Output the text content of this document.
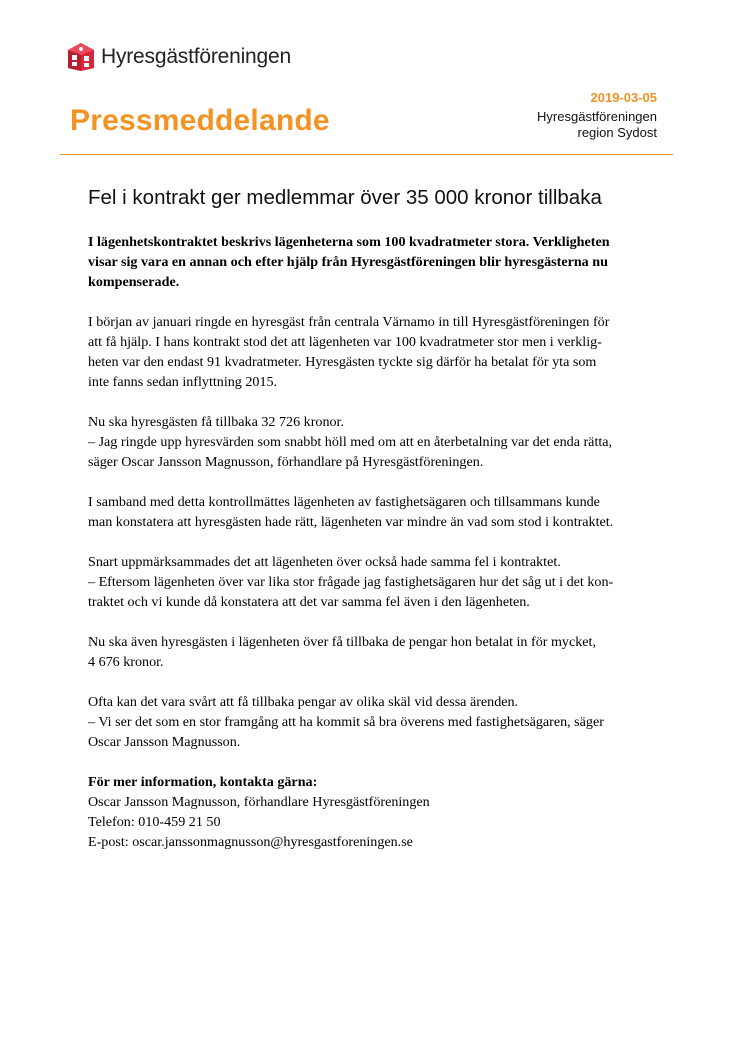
Hyresgästföreningen
Pressmeddelande
2019-03-05
Hyresgästföreningen
region Sydost
Fel i kontrakt ger medlemmar över 35 000 kronor tillbaka

I lägenhetskontraktet beskrivs lägenheterna som 100 kvadratmeter stora. Verkligheten
visar sig vara en annan och efter hjälp från Hyresgästföreningen blir hyresgästerna nu
kompenserade.

I början av januari ringde en hyresgäst från centrala Värnamo in till Hyresgästföreningen för
att få hjälp. I hans kontrakt stod det att lägenheten var 100 kvadratmeter stor men i verklig-
heten var den endast 91 kvadratmeter. Hyresgästen tyckte sig därför ha betalat för yta som
inte fanns sedan inflyttning 2015.

Nu ska hyresgästen få tillbaka 32 726 kronor.
– Jag ringde upp hyresvärden som snabbt höll med om att en återbetalning var det enda rätta,
säger Oscar Jansson Magnusson, förhandlare på Hyresgästföreningen.

I samband med detta kontrollmättes lägenheten av fastighetsägaren och tillsammans kunde
man konstatera att hyresgästen hade rätt, lägenheten var mindre än vad som stod i kontraktet.

Snart uppmärksammades det att lägenheten över också hade samma fel i kontraktet.
– Eftersom lägenheten över var lika stor frågade jag fastighetsägaren hur det såg ut i det kon-
traktet och vi kunde då konstatera att det var samma fel även i den lägenheten.

Nu ska även hyresgästen i lägenheten över få tillbaka de pengar hon betalat in för mycket,
4 676 kronor.

Ofta kan det vara svårt att få tillbaka pengar av olika skäl vid dessa ärenden.
– Vi ser det som en stor framgång att ha kommit så bra överens med fastighetsägaren, säger
Oscar Jansson Magnusson.

För mer information, kontakta gärna:
Oscar Jansson Magnusson, förhandlare Hyresgästföreningen
Telefon: 010-459 21 50
E-post: oscar.janssonmagnusson@hyresgastforeningen.se
